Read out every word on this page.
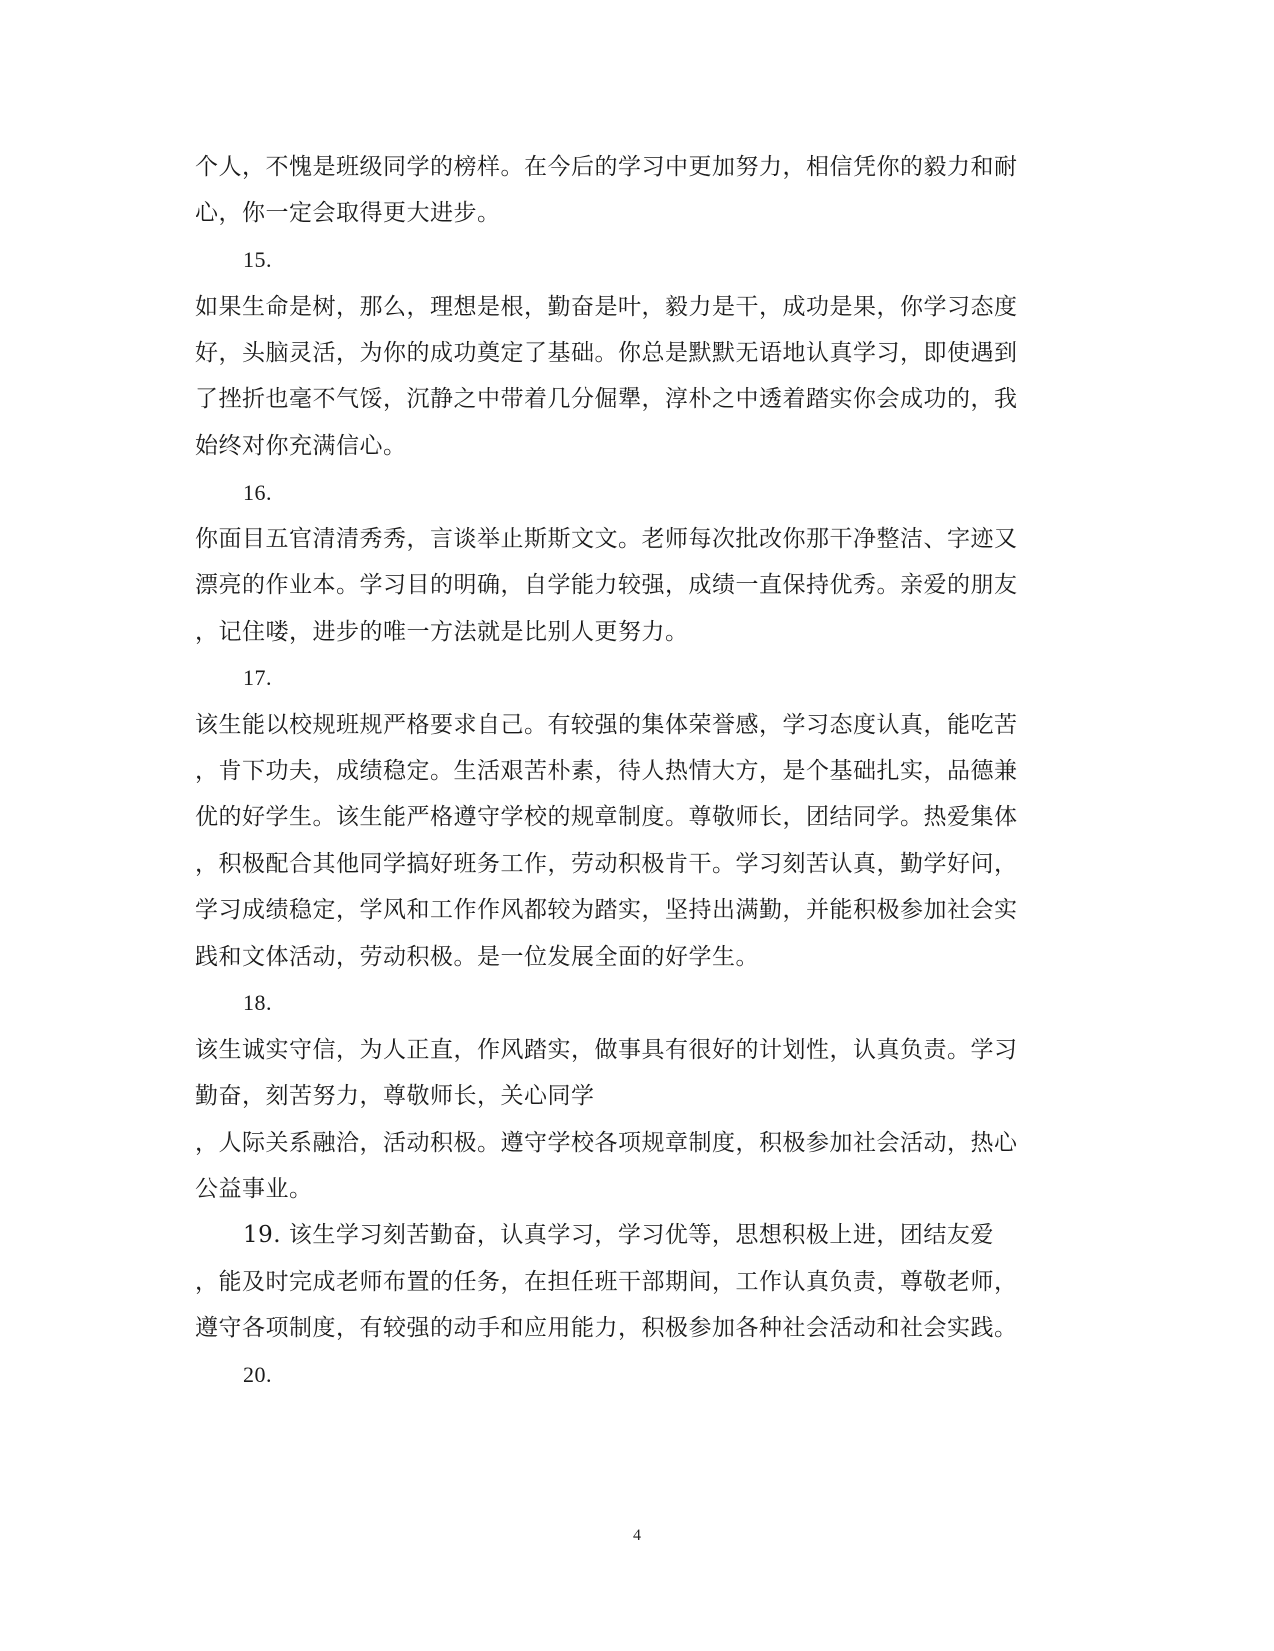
个人，不愧是班级同学的榜样。在今后的学习中更加努力，相信凭你的毅力和耐
心，你一定会取得更大进步。
15.
如果生命是树，那么，理想是根，勤奋是叶，毅力是干，成功是果，你学习态度
好，头脑灵活，为你的成功奠定了基础。你总是默默无语地认真学习，即使遇到
了挫折也毫不气馁，沉静之中带着几分倔犟，淳朴之中透着踏实你会成功的，我
始终对你充满信心。
16.
你面目五官清清秀秀，言谈举止斯斯文文。老师每次批改你那干净整洁、字迹又
漂亮的作业本。学习目的明确，自学能力较强，成绩一直保持优秀。亲爱的朋友
，记住喽，进步的唯一方法就是比别人更努力。
17.
该生能以校规班规严格要求自己。有较强的集体荣誉感，学习态度认真，能吃苦
，肯下功夫，成绩稳定。生活艰苦朴素，待人热情大方，是个基础扎实，品德兼
优的好学生。该生能严格遵守学校的规章制度。尊敬师长，团结同学。热爱集体
，积极配合其他同学搞好班务工作，劳动积极肯干。学习刻苦认真，勤学好问，
学习成绩稳定，学风和工作作风都较为踏实，坚持出满勤，并能积极参加社会实
践和文体活动，劳动积极。是一位发展全面的好学生。
18.
该生诚实守信，为人正直，作风踏实，做事具有很好的计划性，认真负责。学习
勤奋，刻苦努力，尊敬师长，关心同学
，人际关系融洽，活动积极。遵守学校各项规章制度，积极参加社会活动，热心
公益事业。
19. 该生学习刻苦勤奋，认真学习，学习优等，思想积极上进，团结友爱
，能及时完成老师布置的任务，在担任班干部期间，工作认真负责，尊敬老师，
遵守各项制度，有较强的动手和应用能力，积极参加各种社会活动和社会实践。
20.
4
